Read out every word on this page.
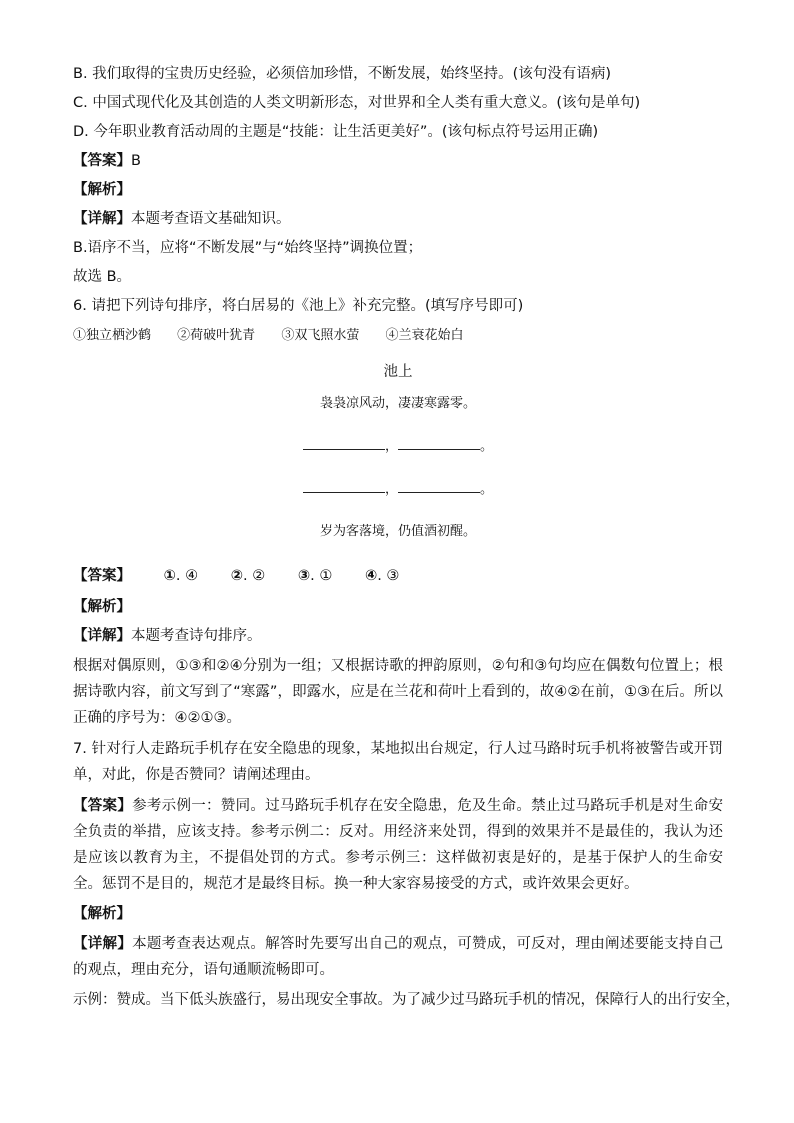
B. 我们取得的宝贵历史经验，必须倍加珍惜，不断发展，始终坚持。(该句没有语病)

C. 中国式现代化及其创造的人类文明新形态，对世界和全人类有重大意义。(该句是单句)

D. 今年职业教育活动周的主题是“技能：让生活更美好”。(该句标点符号运用正确)

【答案】B

【解析】

【详解】本题考查语文基础知识。

B.语序不当，应将“不断发展”与“始终坚持”调换位置；

故选 B。

6. 请把下列诗句排序，将白居易的《池上》补充完整。(填写序号即可)

①独立栖沙鹤 ②荷破叶犹青 ③双飞照水萤 ④兰衰花始白
池上
袅袅凉风动，凄凄寒露零。
，	。
，	。
岁为客落境，仍值酒初醒。

【答案】 ①. ④ ②. ② ③. ① ④. ③

【解析】

【详解】本题考查诗句排序。

根据对偶原则，①③和②④分别为一组；又根据诗歌的押韵原则，②句和③句均应在偶数句位置上；根据诗歌内容，前文写到了“寒露”，即露水，应是在兰花和荷叶上看到的，故④②在前，①③在后。所以正确的序号为：④②①③。

7. 针对行人走路玩手机存在安全隐患的现象，某地拟出台规定，行人过马路时玩手机将被警告或开罚单，对此，你是否赞同？请阐述理由。

【答案】参考示例一：赞同。过马路玩手机存在安全隐患，危及生命。禁止过马路玩手机是对生命安全负责的举措，应该支持。参考示例二：反对。用经济来处罚，得到的效果并不是最佳的，我认为还是应该以教育为主，不提倡处罚的方式。参考示例三：这样做初衷是好的，是基于保护人的生命安全。惩罚不是目的，规范才是最终目标。换一种大家容易接受的方式，或许效果会更好。

【解析】

【详解】本题考查表达观点。解答时先要写出自己的观点，可赞成，可反对，理由阐述要能支持自己的观点，理由充分，语句通顺流畅即可。

示例：赞成。当下低头族盛行，易出现安全事故。为了减少过马路玩手机的情况，保障行人的出行安全，
